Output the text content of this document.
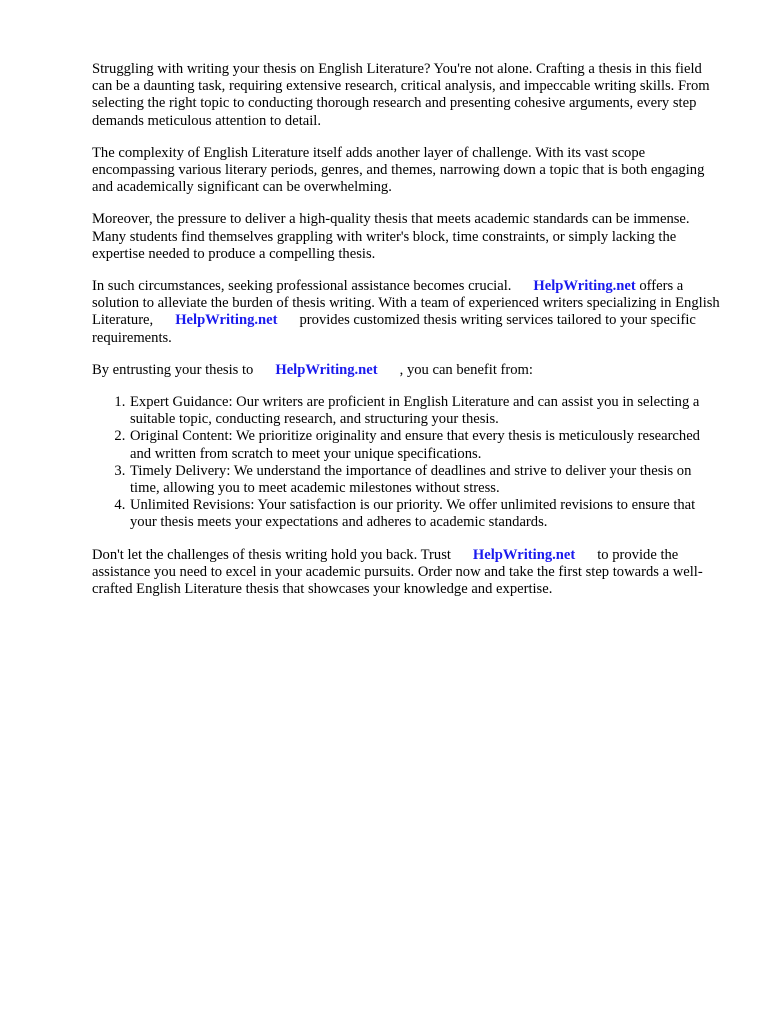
Struggling with writing your thesis on English Literature? You're not alone. Crafting a thesis in this field can be a daunting task, requiring extensive research, critical analysis, and impeccable writing skills. From selecting the right topic to conducting thorough research and presenting cohesive arguments, every step demands meticulous attention to detail.

The complexity of English Literature itself adds another layer of challenge. With its vast scope encompassing various literary periods, genres, and themes, narrowing down a topic that is both engaging and academically significant can be overwhelming.

Moreover, the pressure to deliver a high-quality thesis that meets academic standards can be immense. Many students find themselves grappling with writer's block, time constraints, or simply lacking the expertise needed to produce a compelling thesis.

In such circumstances, seeking professional assistance becomes crucial. HelpWriting.net offers a solution to alleviate the burden of thesis writing. With a team of experienced writers specializing in English Literature, HelpWriting.net provides customized thesis writing services tailored to your specific requirements.

By entrusting your thesis to HelpWriting.net , you can benefit from:

1. Expert Guidance: Our writers are proficient in English Literature and can assist you in selecting a suitable topic, conducting research, and structuring your thesis.
2. Original Content: We prioritize originality and ensure that every thesis is meticulously researched and written from scratch to meet your unique specifications.
3. Timely Delivery: We understand the importance of deadlines and strive to deliver your thesis on time, allowing you to meet academic milestones without stress.
4. Unlimited Revisions: Your satisfaction is our priority. We offer unlimited revisions to ensure that your thesis meets your expectations and adheres to academic standards.

Don't let the challenges of thesis writing hold you back. Trust HelpWriting.net to provide the assistance you need to excel in your academic pursuits. Order now and take the first step towards a well-crafted English Literature thesis that showcases your knowledge and expertise.
